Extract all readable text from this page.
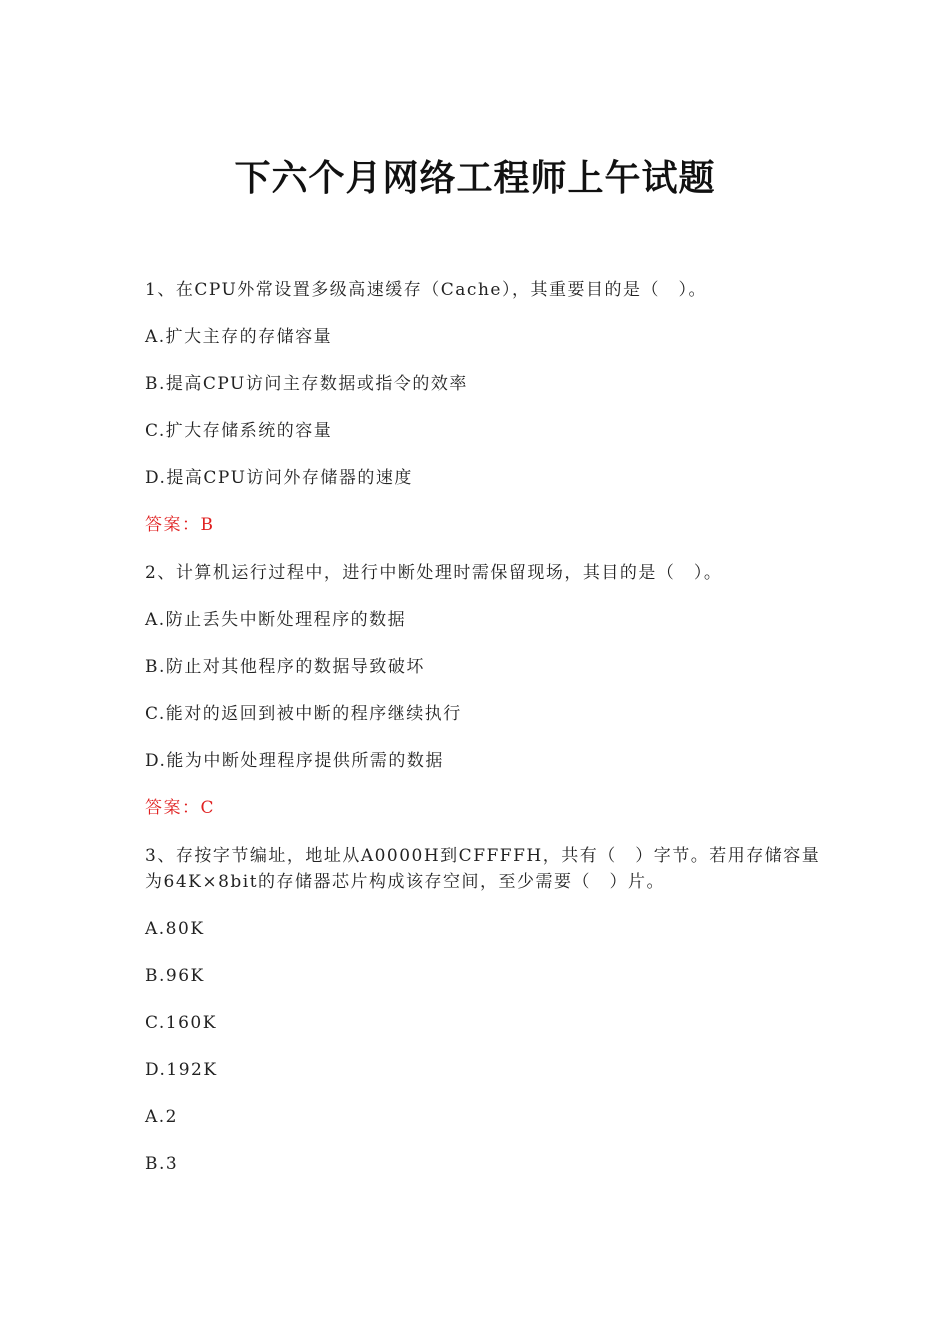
下六个月网络工程师上午试题
1、在CPU外常设置多级高速缓存（Cache），其重要目的是（　）。
A.扩大主存的存储容量
B.提高CPU访问主存数据或指令的效率
C.扩大存储系统的容量
D.提高CPU访问外存储器的速度
答案：B
2、计算机运行过程中，进行中断处理时需保留现场，其目的是（　）。
A.防止丢失中断处理程序的数据
B.防止对其他程序的数据导致破坏
C.能对的返回到被中断的程序继续执行
D.能为中断处理程序提供所需的数据
答案：C
3、存按字节编址，地址从A0000H到CFFFFH，共有（　）字节。若用存储容量
为64K×8bit的存储器芯片构成该存空间，至少需要（　）片。
A.80K
B.96K
C.160K
D.192K
A.2
B.3
